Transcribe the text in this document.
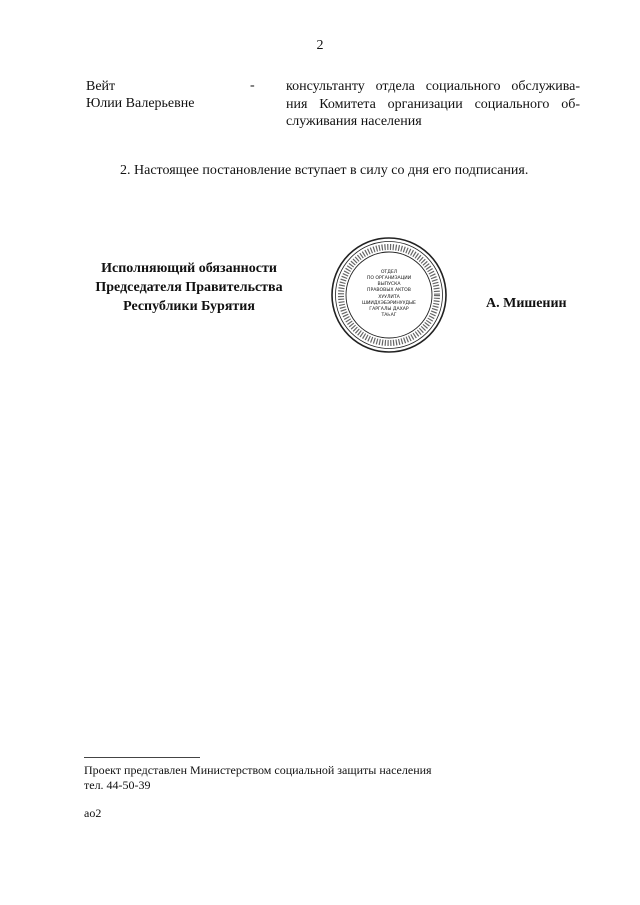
2
Вейт
Юлии Валерьевне
- консультанту отдела социального обслужива-
ния Комитета организации социального об-
служивания населения
2. Настоящее постановление вступает в силу со дня его подписания.
Исполняющий обязанности
Председателя Правительства
Республики Бурятия
ОТДЕЛ
ПО ОРГАНИЗАЦИИ
ВЫПУСКА
ПРАВОВЫХ АКТОВ
ХУУЛИТА
ШИИДХЭБЭРИНУУДЫЕ
ГАРГАЛЫ ДАХАР
ТАҺАГ
А. Мишенин
Проект представлен Министерством социальной защиты населения
тел. 44-50-39
ао2
